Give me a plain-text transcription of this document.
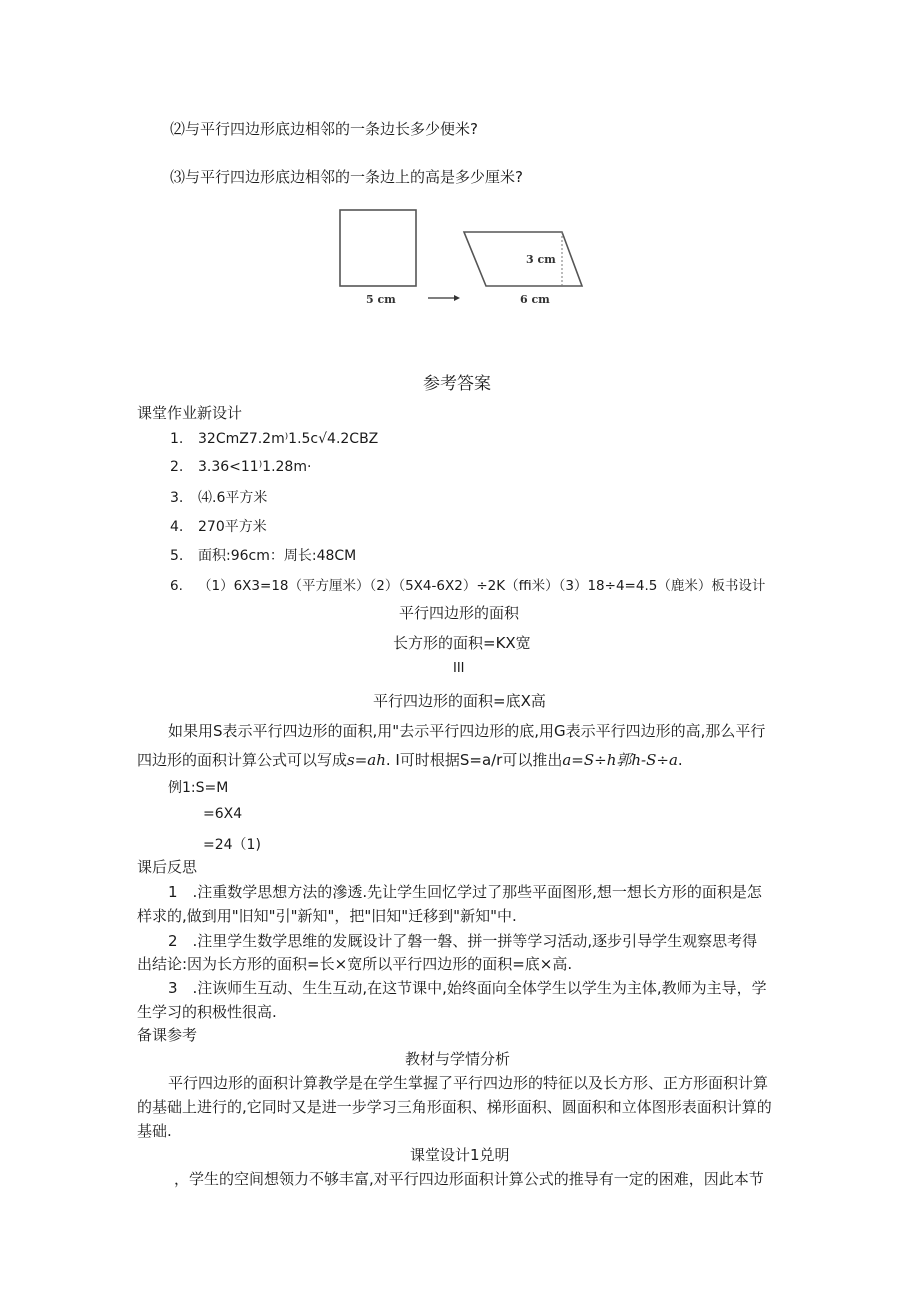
⑵与平行四边形底边相邻的一条边长多少便米?
⑶与平行四边形底边相邻的一条边上的高是多少厘米?
5 cm
3 cm
6 cm
参考答案
课堂作业新设计
1. 32CmZ7.2m⁾1.5c√4.2CBZ
2. 3.36<11⁾1.28m·
3. ⑷.6平方米
4. 270平方米
5. 面积:96cm：周长:48CM
6. （1）6X3=18（平方厘米）（2）（5X4-6X2）÷2K（ffi米）（3）18÷4=4.5（鹿米）板书设计
平行四边形的面积
长方形的面积=KX宽
III
平行四边形的面积=底X高
如果用S表示平行四边形的面积,用"去示平行四边形的底,用G表示平行四边形的高,那么平行
四边形的面积计算公式可以写成s=ah. I可时根据S=a∕r可以推出a=S÷h郭h-S÷a.
例1:S=M
=6X4
=24（1)
课后反思
1　.注重数学思想方法的滲透.先让学生回忆学过了那些平面图形,想一想长方形的面积是怎
样求的,做到用"旧知"引"新知"，把"旧知"迁移到"新知"中.
2　.注里学生数学思维的发厩设计了磐一磐、拼一拼等学习活动,逐步引导学生观察思考得
出结论:因为长方形的面积=长×宽所以平行四边形的面积=底×高.
3　.注诙师生互动、生生互动,在这节课中,始终面向全体学生以学生为主体,教师为主导，学
生学习的积极性很高.
备课参考
教材与学情分析
平行四边形的面积计算教学是在学生掌握了平行四边形的特征以及长方形、正方形面积计算
的基础上进行的,它同时又是进一步学习三角形面积、梯形面积、圆面积和立体图形表面积计算的
基础.
课堂设计1兑明
，学生的空间想领力不够丰富,对平行四边形面积计算公式的推导有一定的困难，因此本节
